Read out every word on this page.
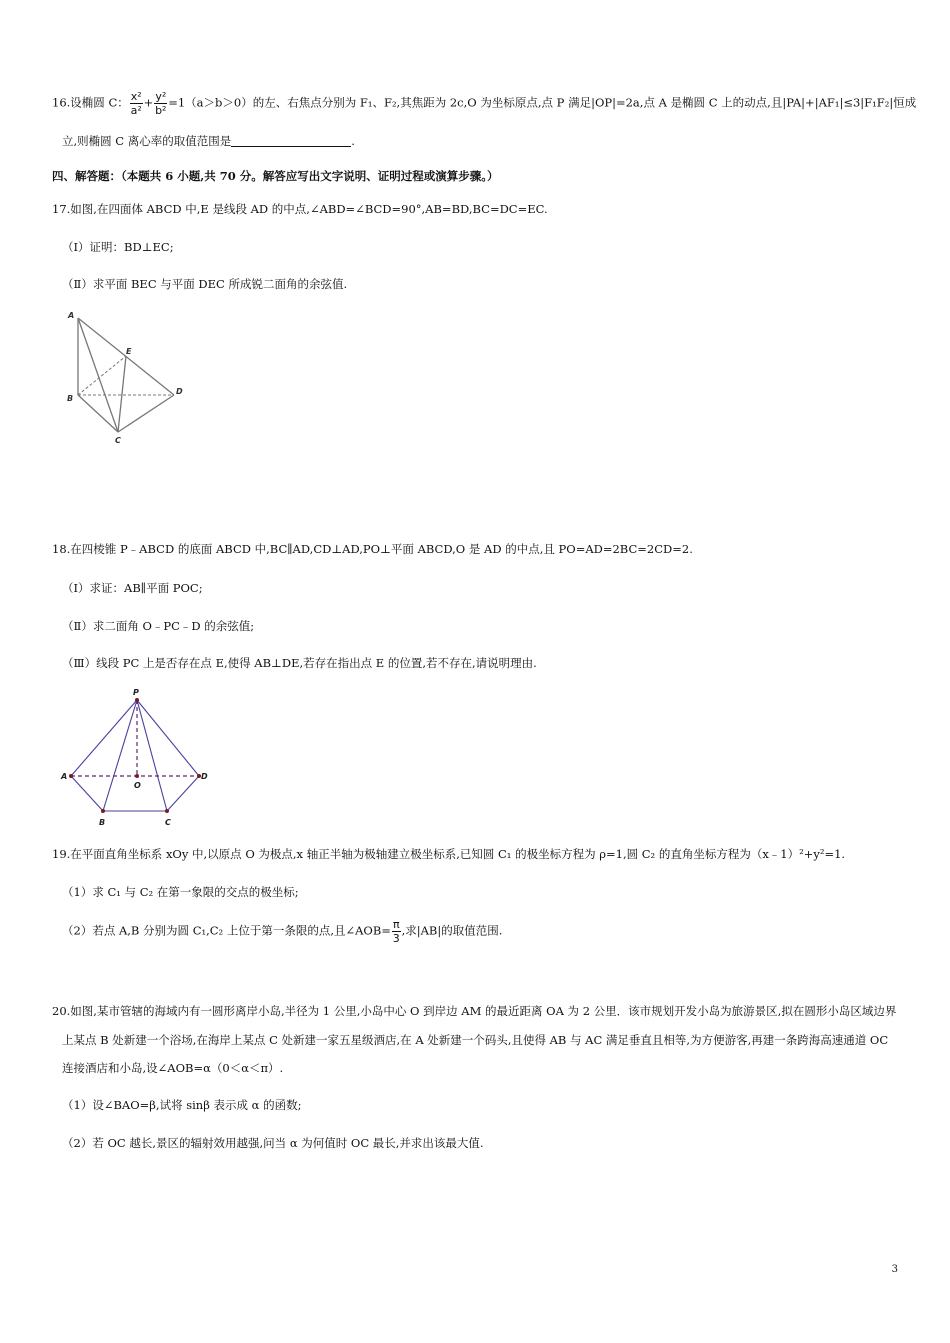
16.设椭圆 C： $\frac{\text{x²}}{\text{a²}} + \frac{\text{y²}}{\text{b²}} =1(a>b>0)$的左、右焦点分别为 F₁、F₂,其焦距为 2c,O 为坐标原点,点 P 满足|OP|=2a,点 A 是椭圆 C 上的动点,且|PA|+|AF₁|≤3|F₁F₂|恒成
立,则椭圆 C 离心率的取值范围是	.
四、解答题：（本题共 6 小题,共 70 分。解答应写出文字说明、证明过程或演算步骤。）
17.如图,在四面体 ABCD 中,E 是线段 AD 的中点,∠ABD=∠BCD=90°,AB=BD,BC=DC=EC.
（Ⅰ）证明：BD⊥EC;
（Ⅱ）求平面 BEC 与平面 DEC 所成锐二面角的余弦值.
A
E
B
D
C
18.在四棱锥 P﹣ABCD 的底面 ABCD 中,BC∥AD,CD⊥AD,PO⊥平面 ABCD,O 是 AD 的中点,且 PO=AD=2BC=2CD=2.
（Ⅰ）求证：AB∥平面 POC;
（Ⅱ）求二面角 O﹣PC﹣D 的余弦值;
（Ⅲ）线段 PC 上是否存在点 E,使得 AB⊥DE,若存在指出点 E 的位置,若不存在,请说明理由.
P
A
O
D
B	C
19.在平面直角坐标系 xOy 中,以原点 O 为极点,x 轴正半轴为极轴建立极坐标系,已知圆 C₁ 的极坐标方程为 ρ=1,圆 C₂ 的直角坐标方程为（x﹣1）²+y²=1.
（1）求 C₁ 与 C₂ 在第一象限的交点的极坐标;
（2）若点 A,B 分别为圆 C₁,C₂ 上位于第一条限的点,且∠AOB= $\frac{\pi}{3}$ ,求|AB|的取值范围.
20.如图,某市管辖的海域内有一圆形离岸小岛,半径为 1 公里,小岛中心 O 到岸边 AM 的最近距离 OA 为 2 公里．该市规划开发小岛为旅游景区,拟在圆形小岛区域边界
上某点 B 处新建一个浴场,在海岸上某点 C 处新建一家五星级酒店,在 A 处新建一个码头,且使得 AB 与 AC 满足垂直且相等,为方便游客,再建一条跨海高速通道 OC
连接酒店和小岛,设∠AOB=α（0＜α＜π）.
（1）设∠BAO=β,试将 sinβ 表示成 α 的函数;
（2）若 OC 越长,景区的辐射效用越强,问当 α 为何值时 OC 最长,并求出该最大值.
3
